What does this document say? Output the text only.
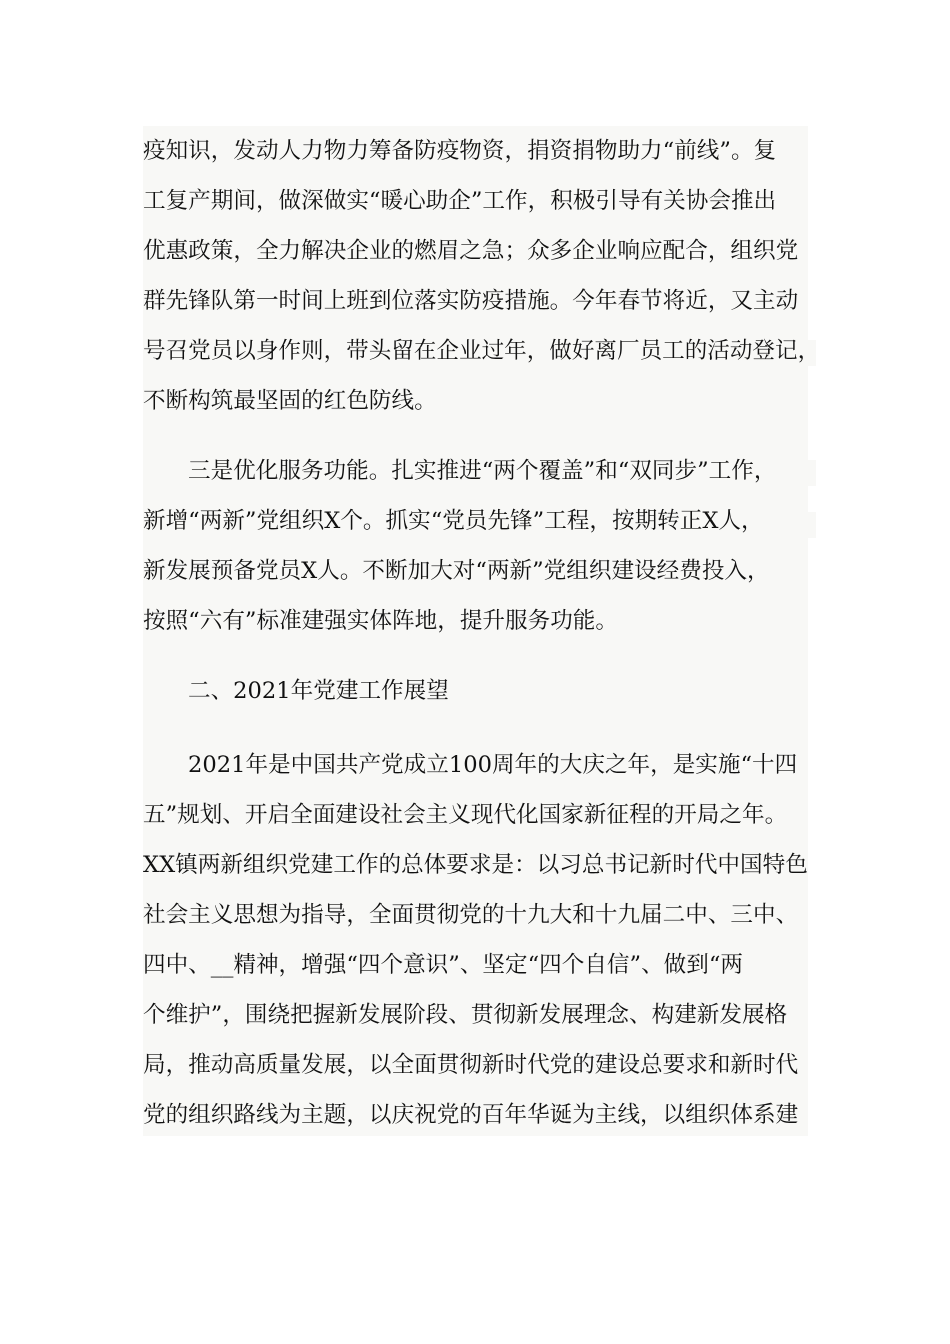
疫知识，发动人力物力筹备防疫物资，捐资捐物助力“前线”。复
工复产期间，做深做实“暖心助企”工作，积极引导有关协会推出
优惠政策，全力解决企业的燃眉之急；众多企业响应配合，组织党
群先锋队第一时间上班到位落实防疫措施。今年春节将近，又主动
号召党员以身作则，带头留在企业过年，做好离厂员工的活动登记，
不断构筑最坚固的红色防线。
三是优化服务功能。扎实推进“两个覆盖”和“双同步”工作，
新增“两新”党组织X个。抓实“党员先锋”工程，按期转正X人，
新发展预备党员X人。不断加大对“两新”党组织建设经费投入，
按照“六有”标准建强实体阵地，提升服务功能。
二、2021年党建工作展望
2021年是中国共产党成立100周年的大庆之年，是实施“十四
五”规划、开启全面建设社会主义现代化国家新征程的开局之年。
XX镇两新组织党建工作的总体要求是：以习总书记新时代中国特色
社会主义思想为指导，全面贯彻党的十九大和十九届二中、三中、
四中、__精神，增强“四个意识”、坚定“四个自信”、做到“两
个维护”，围绕把握新发展阶段、贯彻新发展理念、构建新发展格
局，推动高质量发展，以全面贯彻新时代党的建设总要求和新时代
党的组织路线为主题，以庆祝党的百年华诞为主线，以组织体系建
